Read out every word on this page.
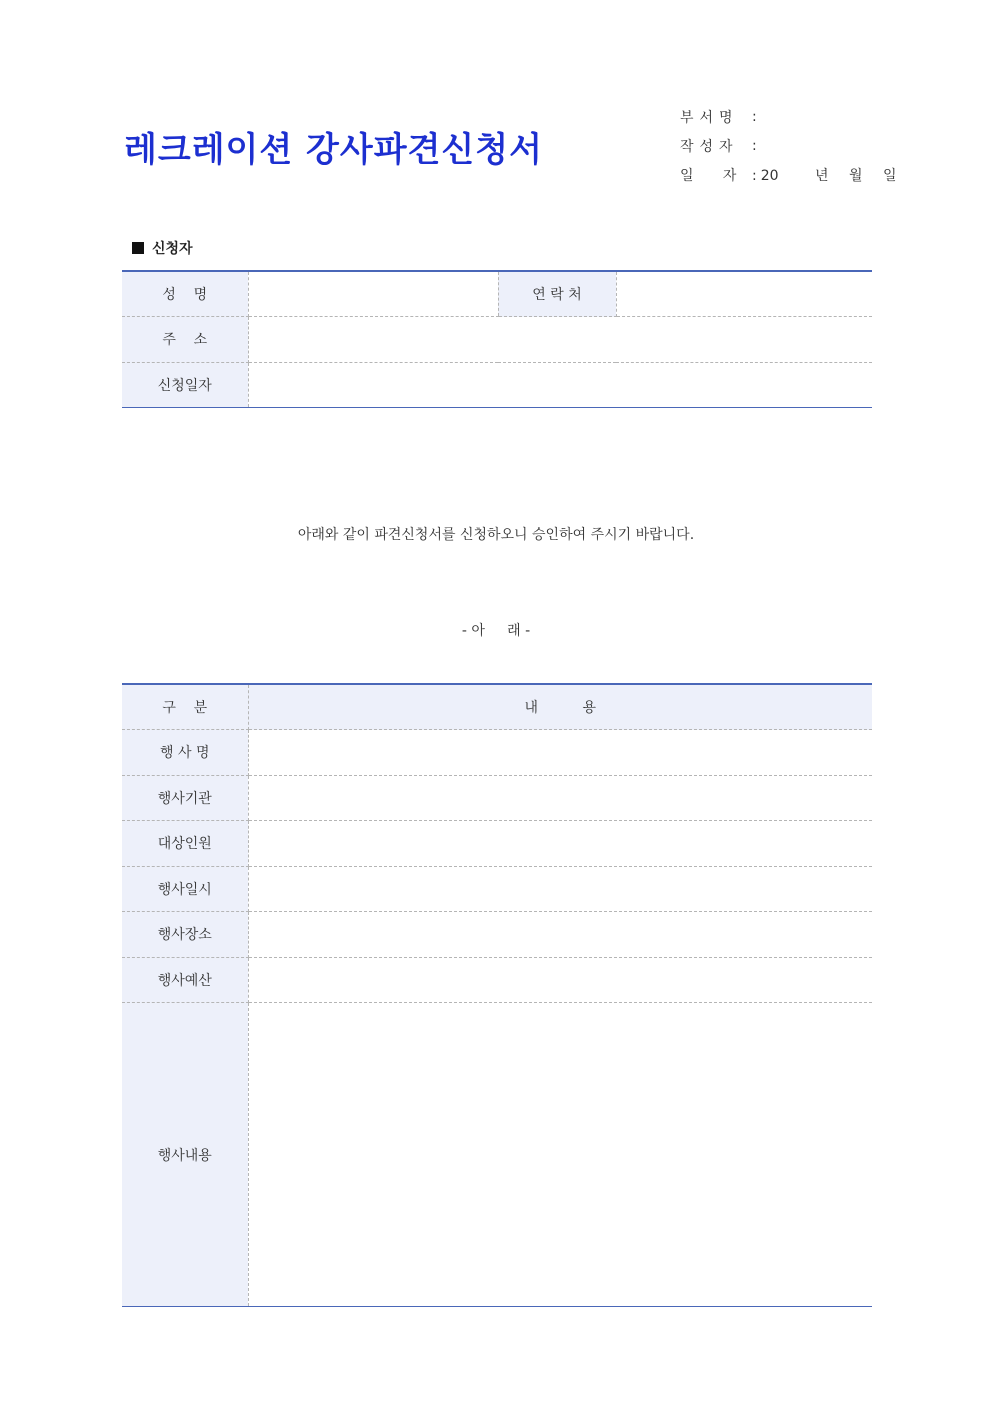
레크레이션 강사파견신청서
부서명 :
작성자 :
일   자 : 20	년 월 일
신청자
성    명		연 락 처	
주    소			
신청일자			
아래와 같이 파견신청서를 신청하오니 승인하여 주시기 바랍니다.
- 아     래 -
구    분	내          용
행 사 명	
행사기관	
대상인원	
행사일시	
행사장소	
행사예산	
행사내용	
